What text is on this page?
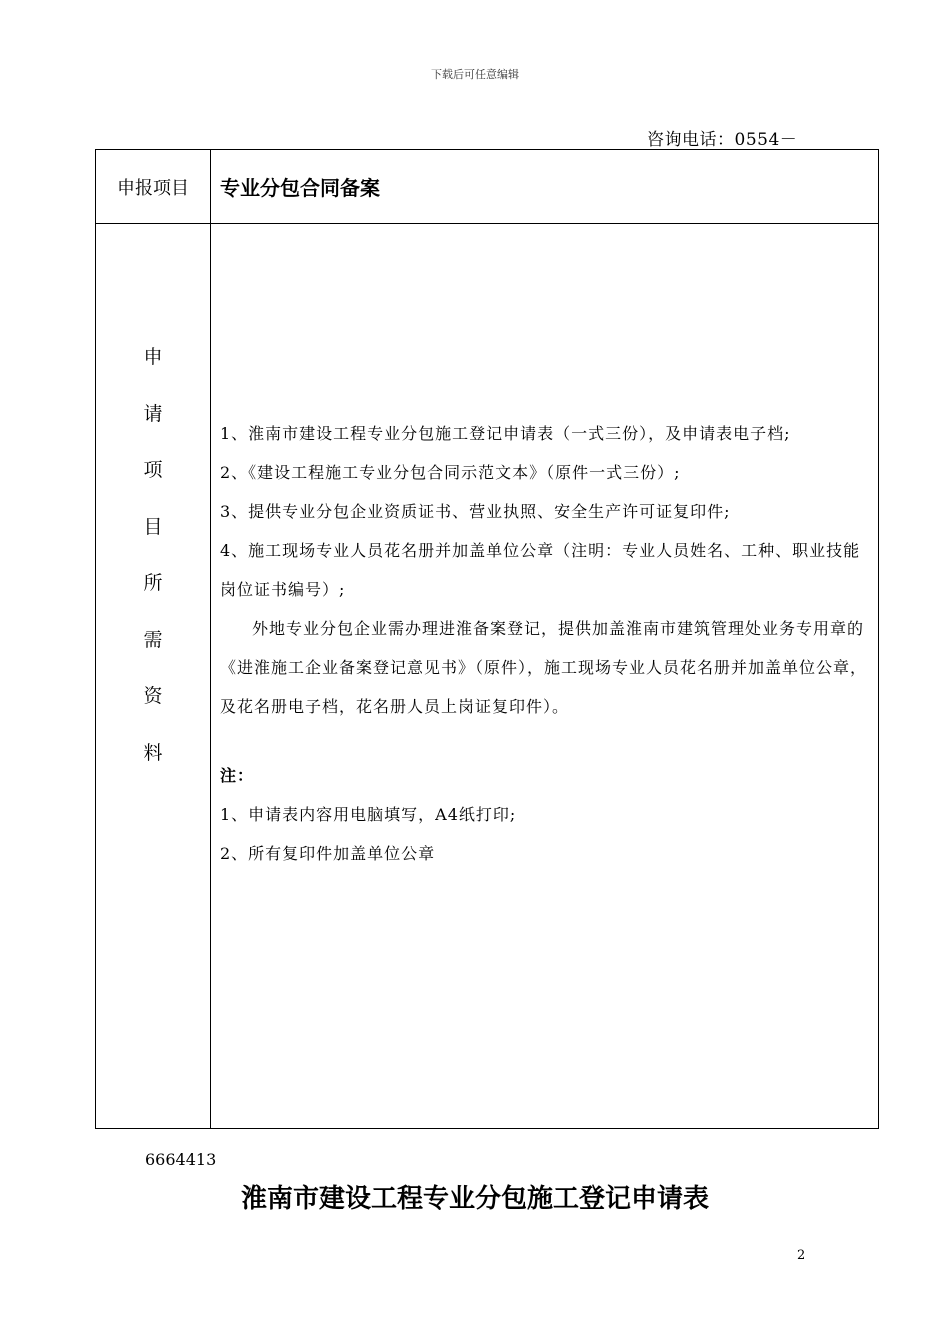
下载后可任意编辑
咨询电话：0554－
申报项目	专业分包合同备案
申
请
项
目
所
需
资
料

1、淮南市建设工程专业分包施工登记申请表（一式三份），及申请表电子档;

2、《建设工程施工专业分包合同示范文本》（原件一式三份）;

3、提供专业分包企业资质证书、营业执照、安全生产许可证复印件;

4、施工现场专业人员花名册并加盖单位公章（注明：专业人员姓名、工种、职业技能岗位证书编号）;

外地专业分包企业需办理进淮备案登记，提供加盖淮南市建筑管理处业务专用章的《进淮施工企业备案登记意见书》（原件），施工现场专业人员花名册并加盖单位公章，及花名册电子档，花名册人员上岗证复印件）。

注：

1、申请表内容用电脑填写，A4纸打印;

2、所有复印件加盖单位公章

6664413
淮南市建设工程专业分包施工登记申请表
2
